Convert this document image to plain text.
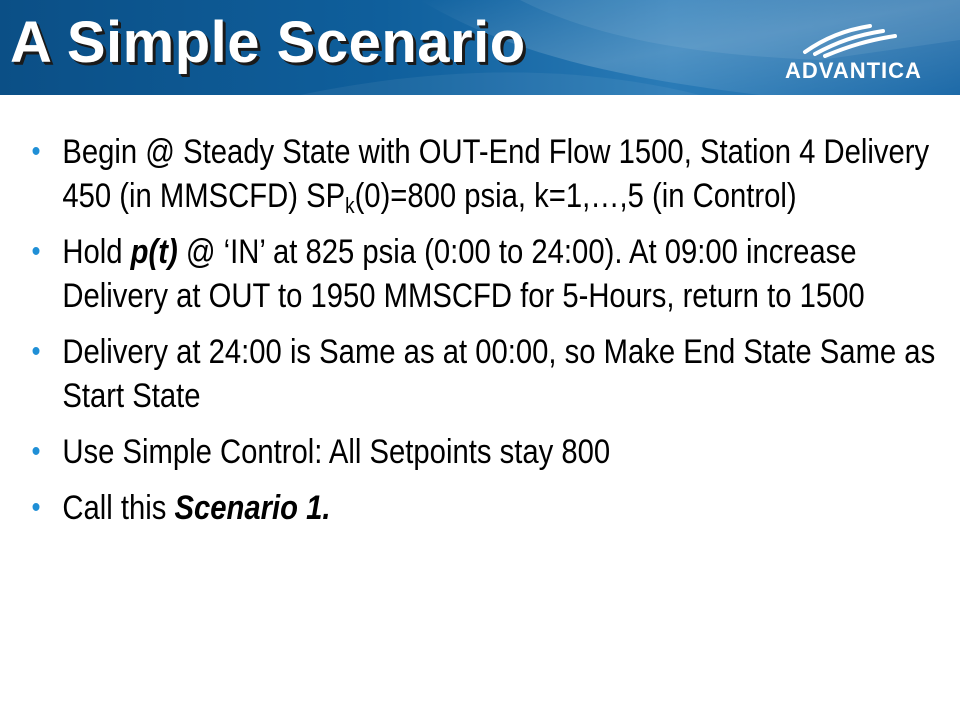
A Simple Scenario	ADVANTICA
• Begin @ Steady State with OUT-End Flow 1500, Station 4 Delivery 450 (in MMSCFD) $SP_k(0)=800$ psia, k=1,…,5 (in Control)
• Hold p(t) @ ‘IN’ at 825 psia (0:00 to 24:00). At 09:00 increase Delivery at OUT to 1950 MMSCFD for 5-Hours, return to 1500
• Delivery at 24:00 is Same as at 00:00, so Make End State Same as Start State
• Use Simple Control: All Setpoints stay 800
• Call this Scenario 1.
